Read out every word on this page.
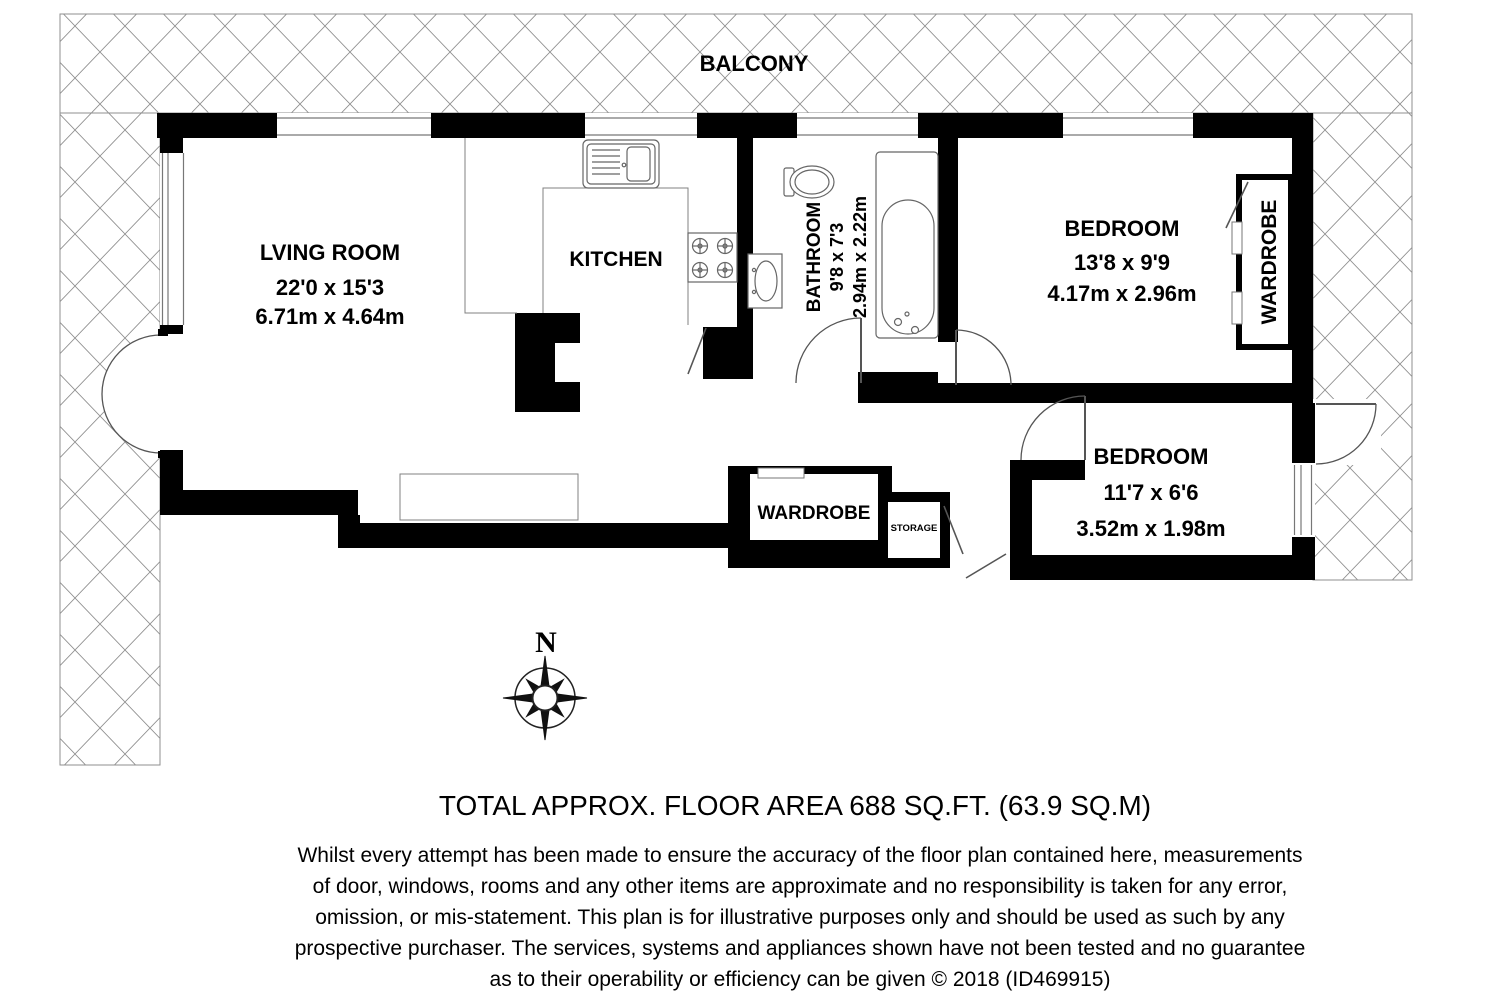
N
BALCONY
LVING ROOM
22'0 x 15'3
6.71m x 4.64m
KITCHEN	BATHROOM 9'8 x 7'3 2.94m x 2.22m	BEDROOM
13'8 x 9'9
4.17m x 2.96m	WARDROBE
BEDROOM
11'7 x 6'6
3.52m x 1.98m
WARDROBE
STORAGE
TOTAL APPROX. FLOOR AREA 688 SQ.FT. (63.9 SQ.M)
Whilst every attempt has been made to ensure the accuracy of the floor plan contained here, measurements
of door, windows, rooms and any other items are approximate and no responsibility is taken for any error,
omission, or mis-statement. This plan is for illustrative purposes only and should be used as such by any
prospective purchaser. The services, systems and appliances shown have not been tested and no guarantee
as to their operability or efficiency can be given © 2018 (ID469915)
